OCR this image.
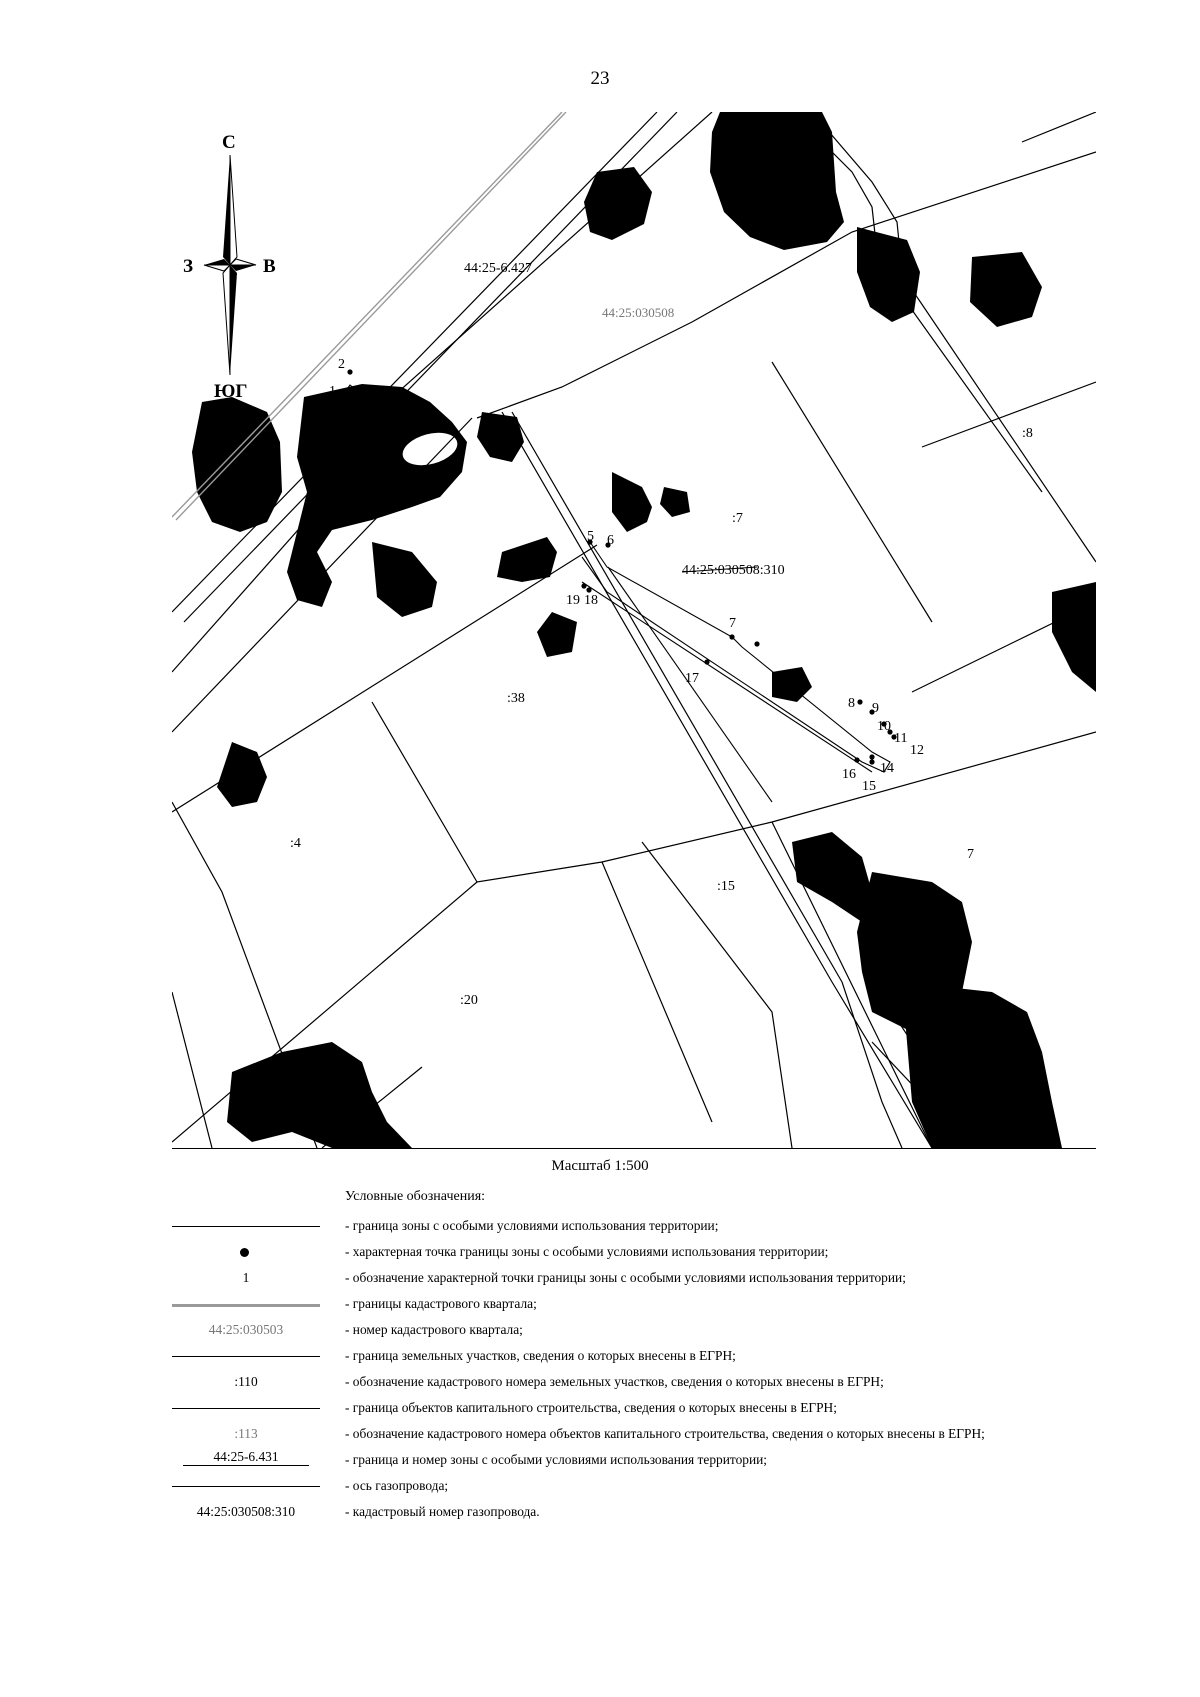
23
1
2
5 6
7
8 9
10
11
12
14
15
16
17
18
19
:8
:7
:38
:4
:15
:20
:54
:5
7
44:25-6.427
44:25:030508
44:25:030508:310
С
ЮГ
З	В
Масштаб 1:500
Условные обозначения:
- граница зоны с особыми условиями использования территории;
- характерная точка границы зоны с особыми условиями использования территории;
1	- обозначение характерной точки границы зоны с особыми условиями использования территории;
- границы кадастрового квартала;
44:25:030503	- номер кадастрового квартала;
- граница земельных участков, сведения о которых внесены в ЕГРН;
:110	- обозначение кадастрового номера земельных участков, сведения о которых внесены в ЕГРН;
- граница объектов капитального строительства, сведения о которых внесены в ЕГРН;
:113	- обозначение кадастрового номера объектов капитального строительства, сведения о которых внесены в ЕГРН;
44:25-6.431	- граница и номер зоны с особыми условиями использования территории;
- ось газопровода;
44:25:030508:310	- кадастровый номер газопровода.
